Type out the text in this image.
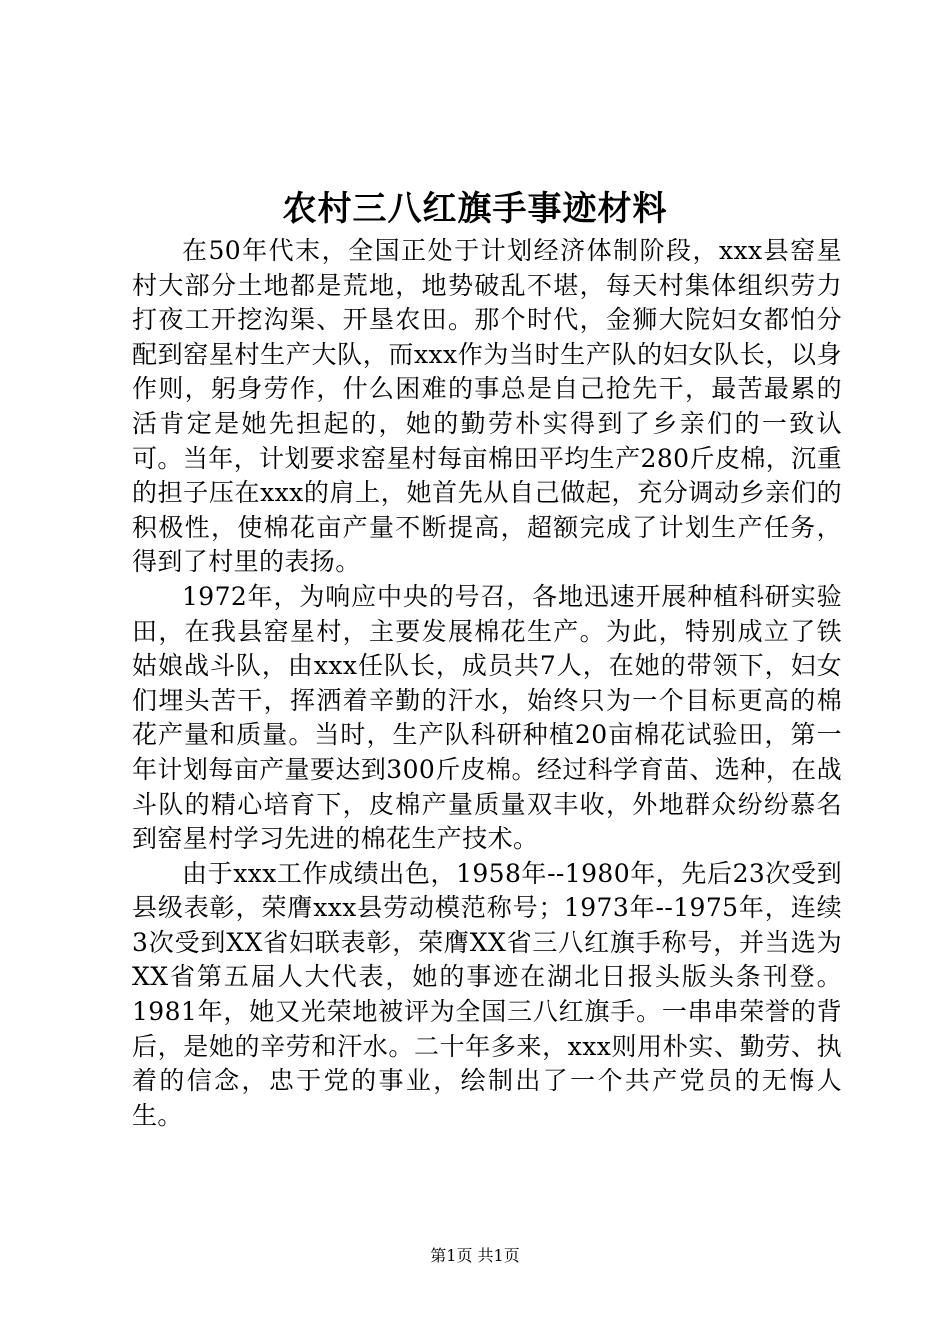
农村三八红旗手事迹材料

在50年代末，全国正处于计划经济体制阶段，xxx县窑星村大部分土地都是荒地，地势破乱不堪，每天村集体组织劳力打夜工开挖沟渠、开垦农田。那个时代，金狮大院妇女都怕分配到窑星村生产大队，而xxx作为当时生产队的妇女队长，以身作则，躬身劳作，什么困难的事总是自己抢先干，最苦最累的活肯定是她先担起的，她的勤劳朴实得到了乡亲们的一致认可。当年，计划要求窑星村每亩棉田平均生产280斤皮棉，沉重的担子压在xxx的肩上，她首先从自己做起，充分调动乡亲们的积极性，使棉花亩产量不断提高，超额完成了计划生产任务，得到了村里的表扬。

1972年，为响应中央的号召，各地迅速开展种植科研实验田，在我县窑星村，主要发展棉花生产。为此，特别成立了铁姑娘战斗队，由xxx任队长，成员共7人，在她的带领下，妇女们埋头苦干，挥洒着辛勤的汗水，始终只为一个目标更高的棉花产量和质量。当时，生产队科研种植20亩棉花试验田，第一年计划每亩产量要达到300斤皮棉。经过科学育苗、选种，在战斗队的精心培育下，皮棉产量质量双丰收，外地群众纷纷慕名到窑星村学习先进的棉花生产技术。

由于xxx工作成绩出色，1958年--1980年，先后23次受到县级表彰，荣膺xxx县劳动模范称号；1973年--1975年，连续3次受到XX省妇联表彰，荣膺XX省三八红旗手称号，并当选为XX省第五届人大代表，她的事迹在湖北日报头版头条刊登。1981年，她又光荣地被评为全国三八红旗手。一串串荣誉的背后，是她的辛劳和汗水。二十年多来，xxx则用朴实、勤劳、执着的信念，忠于党的事业，绘制出了一个共产党员的无悔人生。

第1页 共1页
